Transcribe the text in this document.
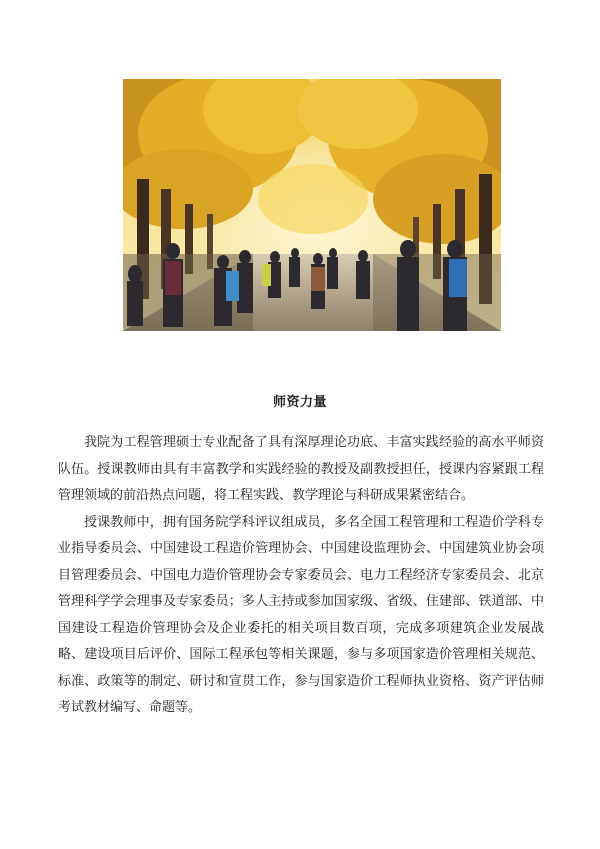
师资力量

我院为工程管理硕士专业配备了具有深厚理论功底、丰富实践经验的高水平师资队伍。授课教师由具有丰富教学和实践经验的教授及副教授担任，授课内容紧跟工程管理领域的前沿热点问题，将工程实践、教学理论与科研成果紧密结合。

授课教师中，拥有国务院学科评议组成员，多名全国工程管理和工程造价学科专业指导委员会、中国建设工程造价管理协会、中国建设监理协会、中国建筑业协会项目管理委员会、中国电力造价管理协会专家委员会、电力工程经济专家委员会、北京管理科学学会理事及专家委员；多人主持或参加国家级、省级、住建部、铁道部、中国建设工程造价管理协会及企业委托的相关项目数百项，完成多项建筑企业发展战略、建设项目后评价、国际工程承包等相关课题，参与多项国家造价管理相关规范、标准、政策等的制定、研讨和宣贯工作，参与国家造价工程师执业资格、资产评估师考试教材编写、命题等。
